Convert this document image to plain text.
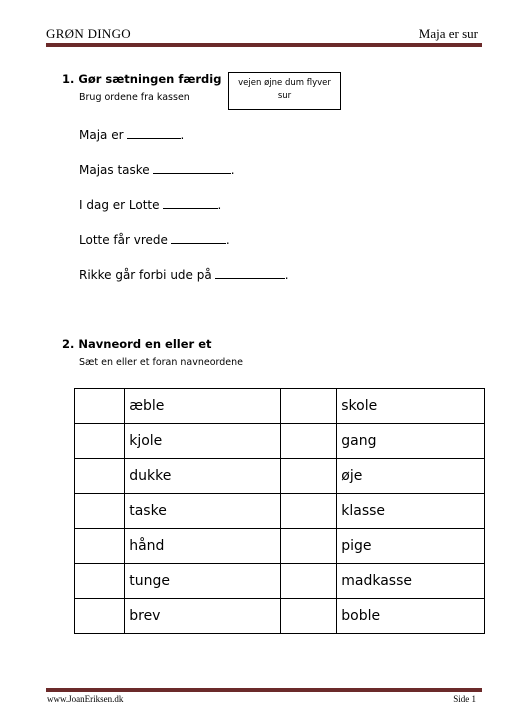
GRØN DINGO	Maja er sur
1. Gør sætningen færdig
Brug ordene fra kassen
vejen øjne dum flyver
sur
Maja er	.
Majas taske	.
I dag er Lotte	.
Lotte får vrede	.
Rikke går forbi ude på	.
2. Navneord en eller et
Sæt en eller et foran navneordene
	æble		skole
	kjole		gang
	dukke		øje
	taske		klasse
	hånd		pige
	tunge		madkasse
	brev		boble
www.JoanEriksen.dk	Side 1
